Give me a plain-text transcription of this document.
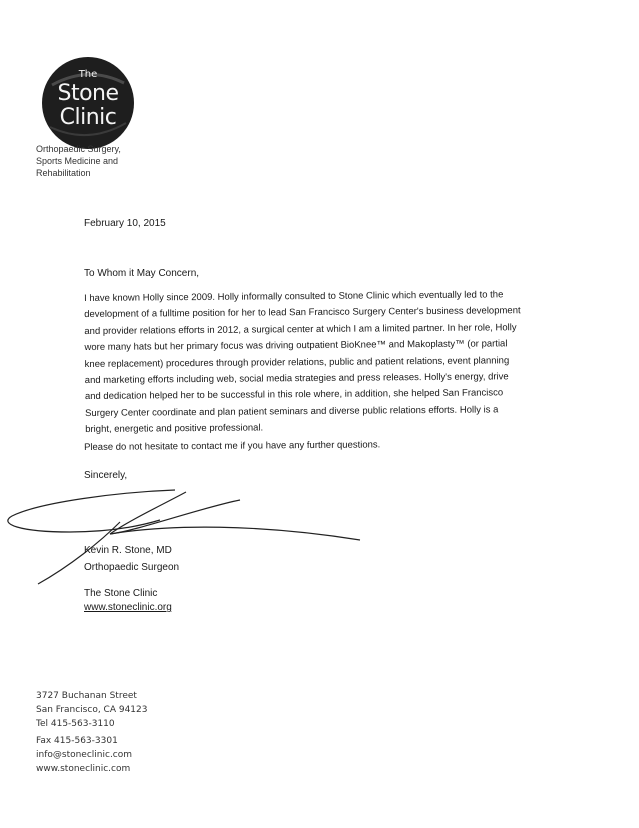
The
Stone
Clinic
Orthopaedic Surgery,
Sports Medicine and
Rehabilitation
February 10, 2015
To Whom it May Concern,
I have known Holly since 2009. Holly informally consulted to Stone Clinic which eventually led to the
development of a fulltime position for her to lead San Francisco Surgery Center's business development
and provider relations efforts in 2012, a surgical center at which I am a limited partner. In her role, Holly
wore many hats but her primary focus was driving outpatient BioKnee™ and Makoplasty™ (or partial
knee replacement) procedures through provider relations, public and patient relations, event planning
and marketing efforts including web, social media strategies and press releases. Holly's energy, drive
and dedication helped her to be successful in this role where, in addition, she helped San Francisco
Surgery Center coordinate and plan patient seminars and diverse public relations efforts. Holly is a
bright, energetic and positive professional.
Please do not hesitate to contact me if you have any further questions.
Sincerely,
Kevin R. Stone, MD
Orthopaedic Surgeon
The Stone Clinic
www.stoneclinic.org
3727 Buchanan Street
San Francisco, CA 94123
Tel 415-563-3110
Fax 415-563-3301
info@stoneclinic.com
www.stoneclinic.com
